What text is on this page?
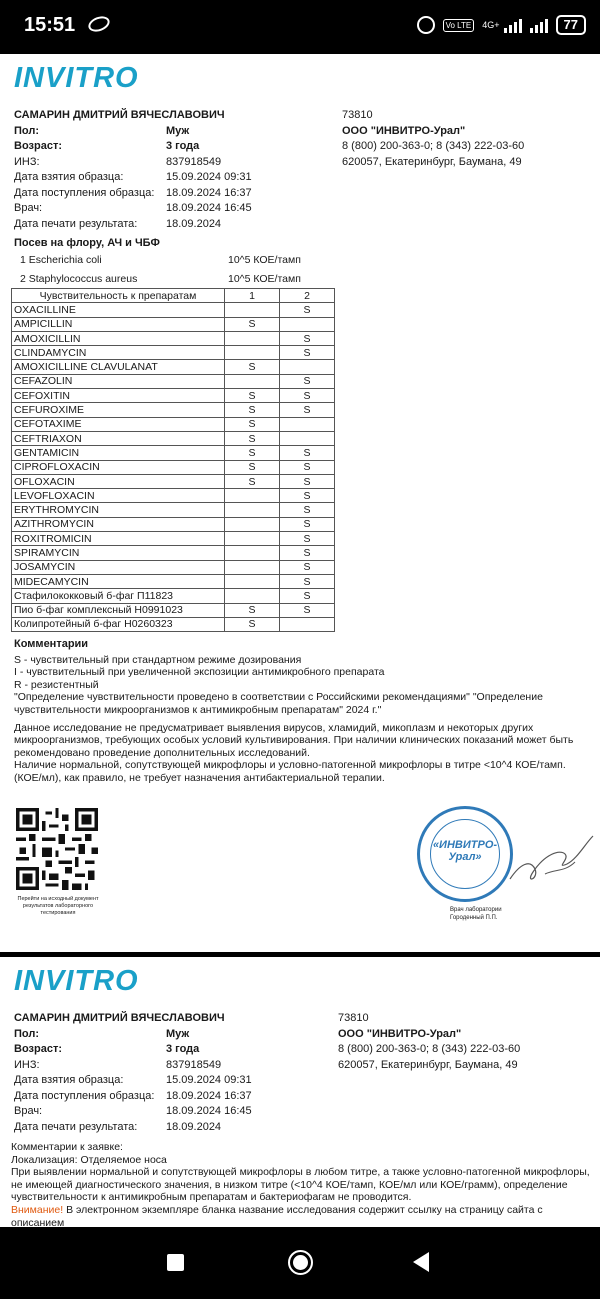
15:51	Vo LTE	4G+	77
INVITRO
САМАРИН ДМИТРИЙ ВЯЧЕСЛАВОВИЧ
Пол:	Муж
Возраст:	3 года
ИНЗ:	837918549
Дата взятия образца:	15.09.2024 09:31
Дата поступления образца:	18.09.2024 16:37
Врач:	18.09.2024 16:45
Дата печати результата:	18.09.2024
73810
ООО "ИНВИТРО-Урал"
8 (800) 200-363-0; 8 (343) 222-03-60
620057, Екатеринбург, Баумана, 49
Посев на флору, АЧ и ЧБФ
1 Escherichia coli	10^5 КОЕ/тамп
2 Staphylococcus aureus	10^5 КОЕ/тамп
Чувствительность к препаратам	1	2
OXACILLINE		S
AMPICILLIN	S	
AMOXICILLIN		S
CLINDAMYCIN		S
AMOXICILLINE CLAVULANAT	S	
CEFAZOLIN		S
CEFOXITIN	S	S
CEFUROXIME	S	S
CEFOTAXIME	S	
CEFTRIAXON	S	
GENTAMICIN	S	S
CIPROFLOXACIN	S	S
OFLOXACIN	S	S
LEVOFLOXACIN		S
ERYTHROMYCIN		S
AZITHROMYCIN		S
ROXITROMICIN		S
SPIRAMYCIN		S
JOSAMYCIN		S
MIDECAMYCIN		S
Стафилококковый б-фаг П11823		S
Пио б-фаг комплексный Н0991023	S	S
Колипротейный б-фаг Н0260323	S	
Комментарии

S - чувствительный при стандартном режиме дозирования

I - чувствительный при увеличенной экспозиции антимикробного препарата

R - резистентный

"Определение чувствительности проведено в соответствии с Российскими рекомендациями" "Определение чувствительности микроорганизмов к антимикробным препаратам" 2024 г."

Данное исследование не предусматривает выявления вирусов, хламидий, микоплазм и некоторых других микроорганизмов, требующих особых условий культивирования. При наличии клинических показаний может быть рекомендовано проведение дополнительных исследований.

Наличие нормальной, сопутствующей микрофлоры и условно-патогенной микрофлоры в титре <10^4 КОЕ/тамп. (КОЕ/мл), как правило, не требует назначения антибактериальной терапии.

Перейти на исходный документ результатов лабораторного тестирования
«ИНВИТРО-Урал»
Врач лаборатории
Городенный П.П.
INVITRO
САМАРИН ДМИТРИЙ ВЯЧЕСЛАВОВИЧ
Пол:	Муж
Возраст:	3 года
ИНЗ:	837918549
Дата взятия образца:	15.09.2024 09:31
Дата поступления образца:	18.09.2024 16:37
Врач:	18.09.2024 16:45
Дата печати результата:	18.09.2024
73810
ООО "ИНВИТРО-Урал"
8 (800) 200-363-0; 8 (343) 222-03-60
620057, Екатеринбург, Баумана, 49
Комментарии к заявке:
Локализация: Отделяемое носа
При выявлении нормальной и сопутствующей микрофлоры в любом титре, а также условно-патогенной микрофлоры, не имеющей диагностического значения, в низком титре (<10^4 КОЕ/тамп, КОЕ/мл или КОЕ/грамм), определение чувствительности к антимикробным препаратам и бактериофагам не проводится.
Внимание! В электронном экземпляре бланка название исследования содержит ссылку на страницу сайта с описанием
